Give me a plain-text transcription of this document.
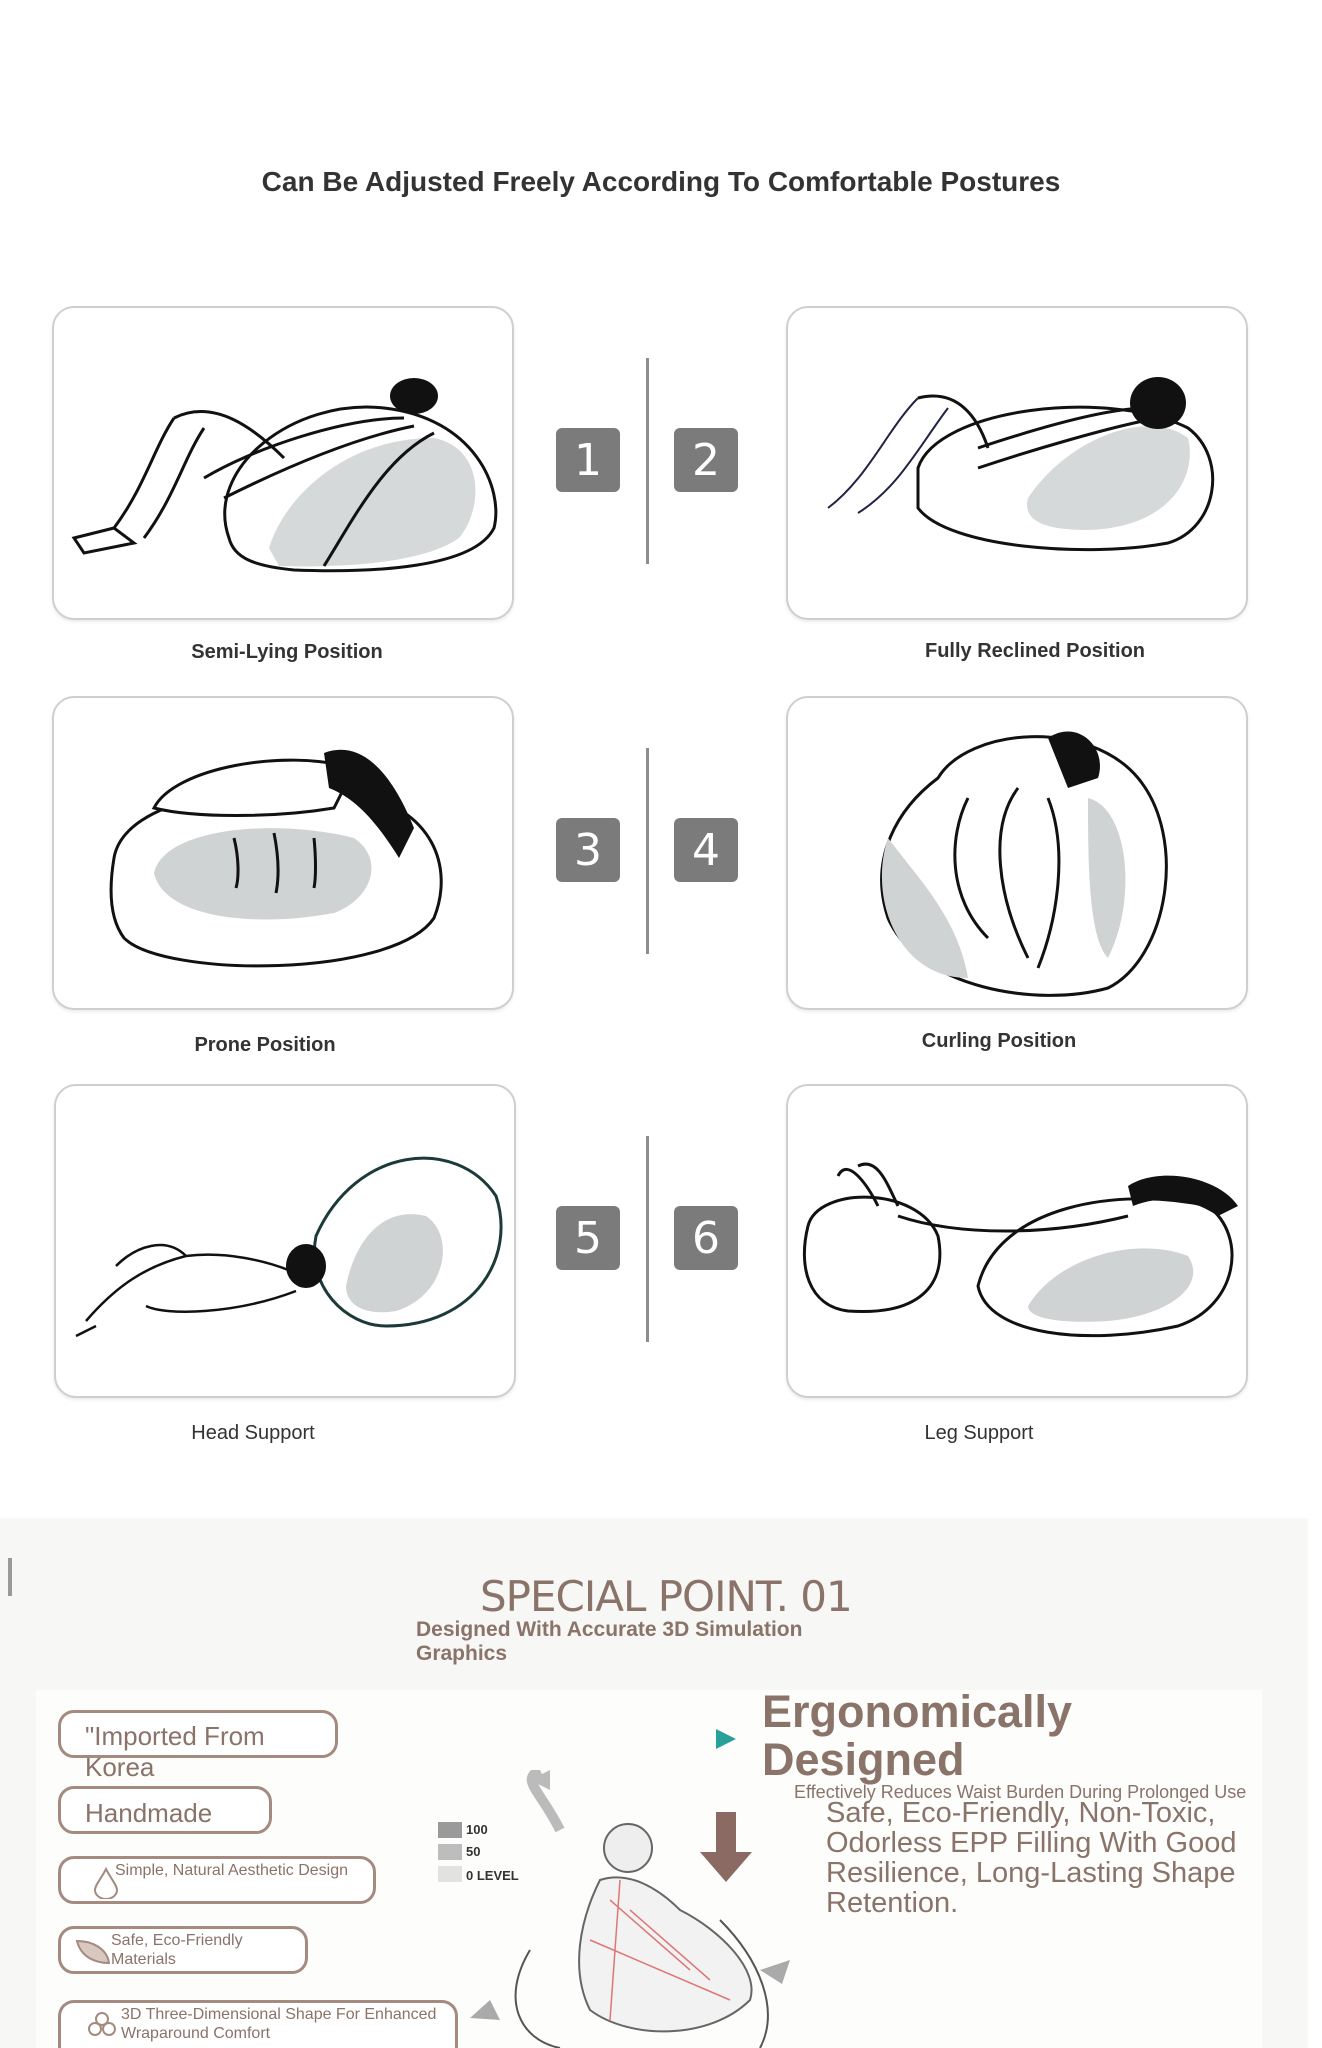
Can Be Adjusted Freely According To Comfortable Postures
Semi-Lying Position
1	2
Fully Reclined Position
Prone Position
3	4
Curling Position
Head Support
5	6
Leg Support
SPECIAL POINT. 01
Designed With Accurate 3D Simulation Graphics
"Imported From Korea
Handmade
Simple, Natural Aesthetic Design
Safe, Eco-Friendly Materials
3D Three-Dimensional Shape For Enhanced Wraparound Comfort
100
50
0 LEVEL
Ergonomically Designed
Effectively Reduces Waist Burden During Prolonged Use
Safe, Eco-Friendly, Non-Toxic, Odorless EPP Filling With Good Resilience, Long-Lasting Shape Retention.
